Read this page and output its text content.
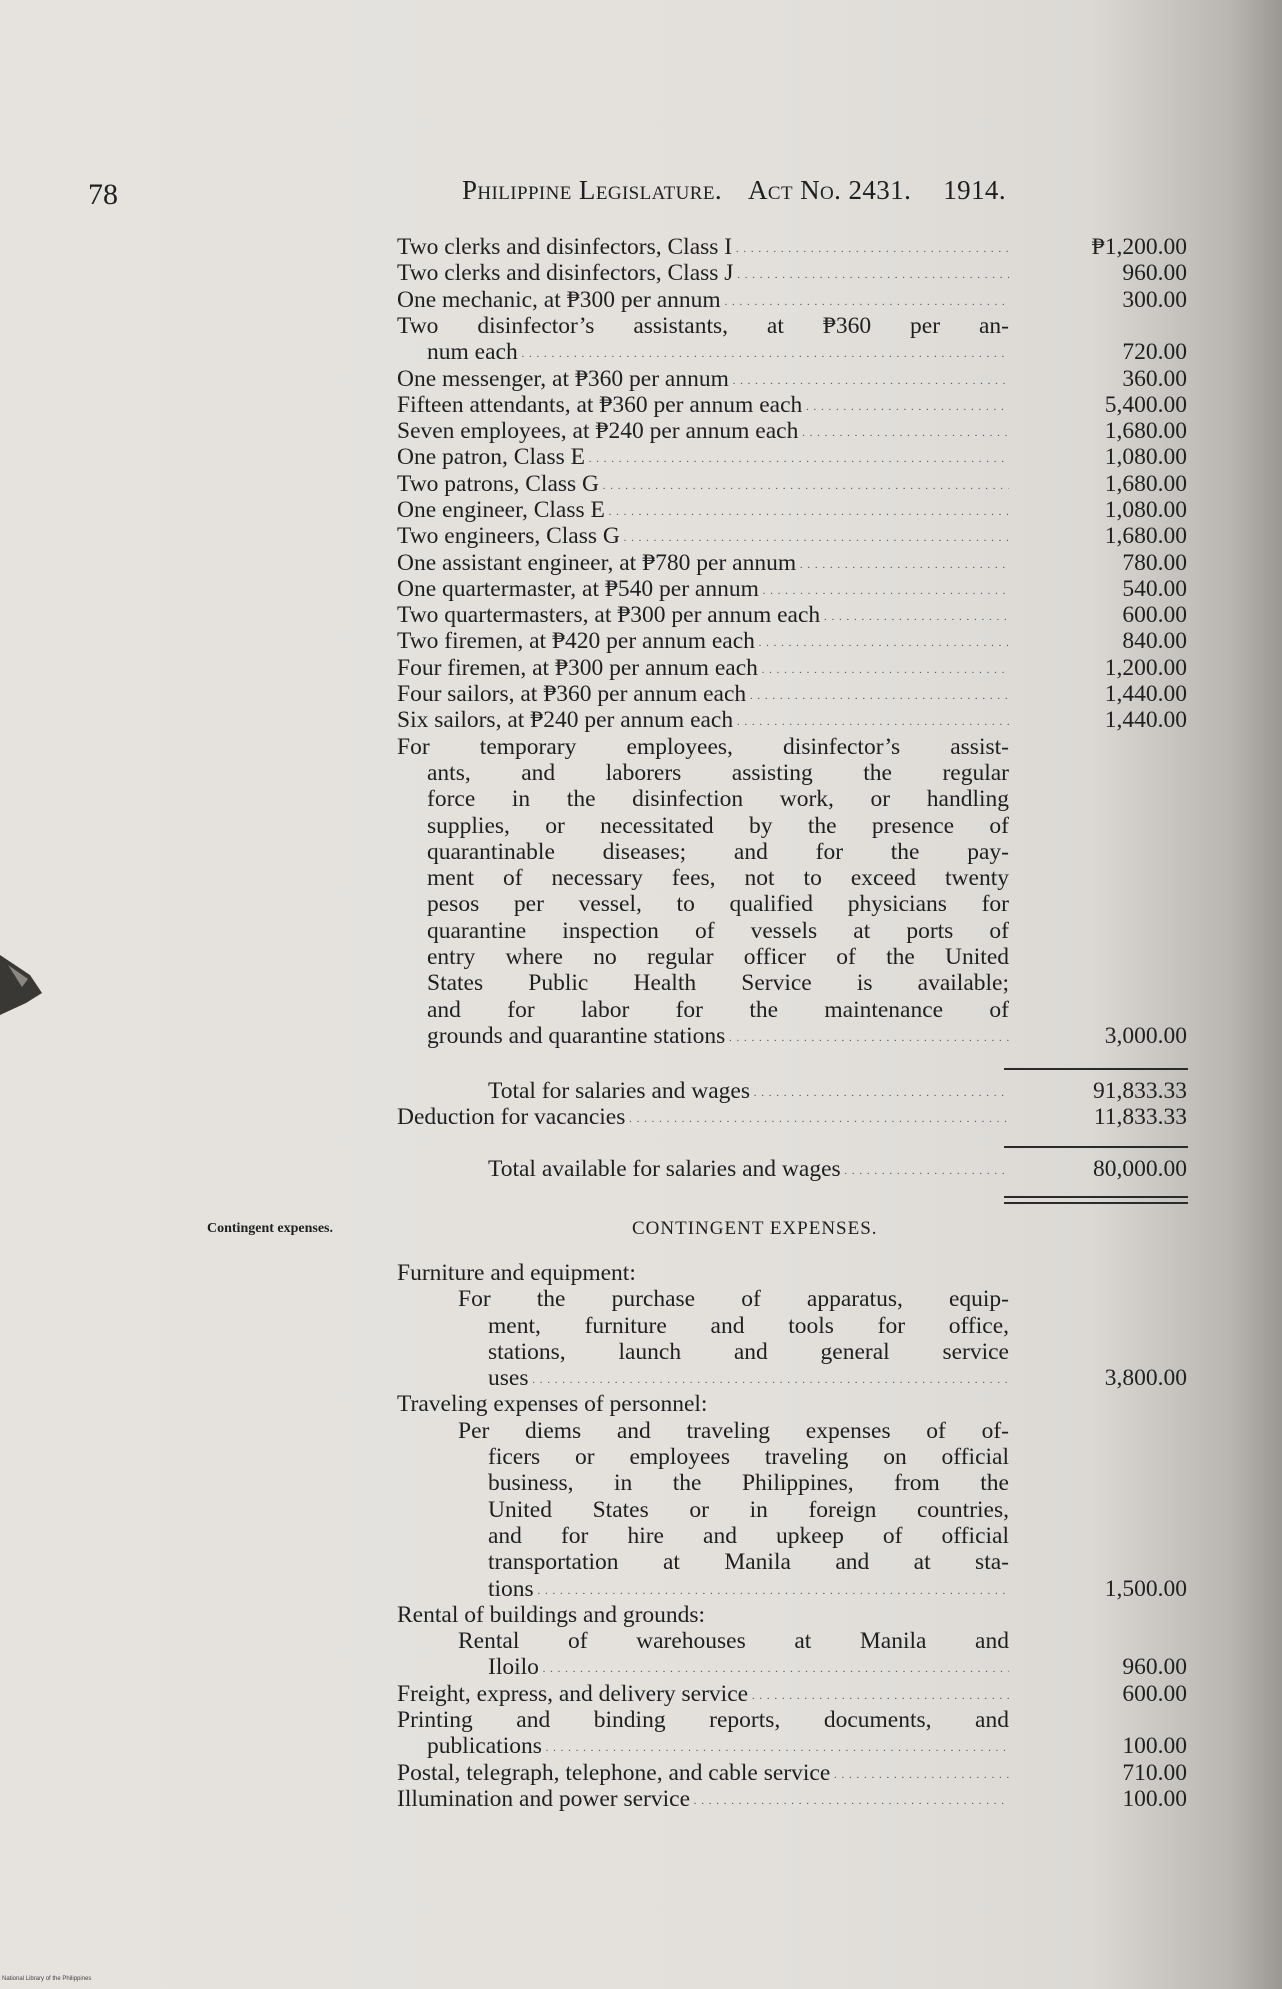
78	Philippine Legislature. Act No. 2431. 1914.
Two clerks and disinfectors, Class I . . .	₱1,200.00
Two clerks and disinfectors, Class J . . .	960.00
One mechanic, at ₱300 per annum . . .	300.00
Two disinfector’s assistants, at ₱360 per an-
num each . . .	720.00
One messenger, at ₱360 per annum . . .	360.00
Fifteen attendants, at ₱360 per annum each . . .	5,400.00
Seven employees, at ₱240 per annum each . . .	1,680.00
One patron, Class E . . .	1,080.00
Two patrons, Class G . . .	1,680.00
One engineer, Class E . . .	1,080.00
Two engineers, Class G . . .	1,680.00
One assistant engineer, at ₱780 per annum . . .	780.00
One quartermaster, at ₱540 per annum . . .	540.00
Two quartermasters, at ₱300 per annum each . . .	600.00
Two firemen, at ₱420 per annum each . . .	840.00
Four firemen, at ₱300 per annum each . . .	1,200.00
Four sailors, at ₱360 per annum each . . .	1,440.00
Six sailors, at ₱240 per annum each . . .	1,440.00
For temporary employees, disinfector’s assist-
ants, and laborers assisting the regular
force in the disinfection work, or handling
supplies, or necessitated by the presence of
quarantinable diseases; and for the pay-
ment of necessary fees, not to exceed twenty
pesos per vessel, to qualified physicians for
quarantine inspection of vessels at ports of
entry where no regular officer of the United
States Public Health Service is available;
and for labor for the maintenance of
grounds and quarantine stations . . .	3,000.00
Total for salaries and wages . . .	91,833.33
Deduction for vacancies . . .	11,833.33
Total available for salaries and wages . . .	80,000.00
Contingent expenses.	CONTINGENT EXPENSES.
Furniture and equipment:
For the purchase of apparatus, equip-
ment, furniture and tools for office,
stations, launch and general service
uses . . .	3,800.00
Traveling expenses of personnel:
Per diems and traveling expenses of of-
ficers or employees traveling on official
business, in the Philippines, from the
United States or in foreign countries,
and for hire and upkeep of official
transportation at Manila and at sta-
tions . . .	1,500.00
Rental of buildings and grounds:
Rental of warehouses at Manila and
Iloilo . . .	960.00
Freight, express, and delivery service . . .	600.00
Printing and binding reports, documents, and
publications . . .	100.00
Postal, telegraph, telephone, and cable service . . .	710.00
Illumination and power service . . .	100.00
National Library of the Philippines
